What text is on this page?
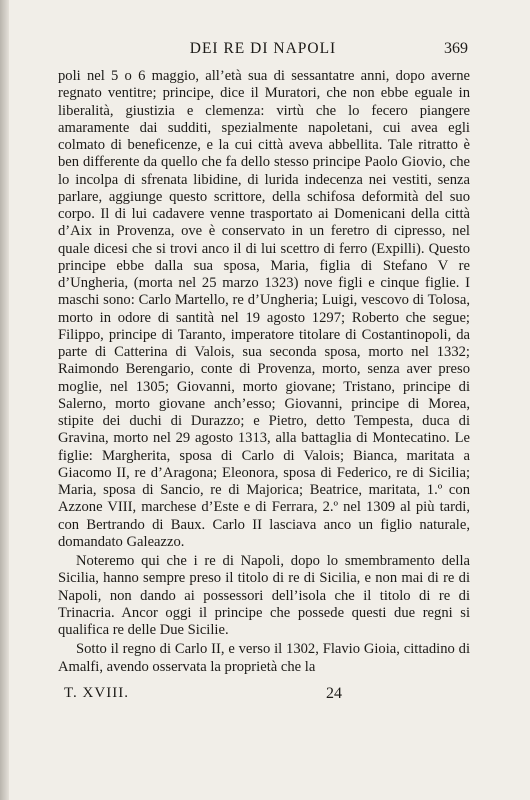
DEI RE DI NAPOLI	369

poli nel 5 o 6 maggio, all’età sua di sessantatre anni, dopo averne regnato ventitre; principe, dice il Muratori, che non ebbe eguale in liberalità, giustizia e clemenza: virtù che lo fecero piangere amaramente dai sudditi, spezialmente napoletani, cui avea egli colmato di beneficenze, e la cui città aveva abbellita. Tale ritratto è ben differente da quello che fa dello stesso principe Paolo Giovio, che lo incolpa di sfrenata libidine, di lurida indecenza nei vestiti, senza parlare, aggiunge questo scrittore, della schifosa deformità del suo corpo. Il di lui cadavere venne trasportato ai Domenicani della città d’Aix in Provenza, ove è conservato in un feretro di cipresso, nel quale dicesi che si trovi anco il di lui scettro di ferro (Expilli). Questo principe ebbe dalla sua sposa, Maria, figlia di Stefano V re d’Ungheria, (morta nel 25 marzo 1323) nove figli e cinque figlie. I maschi sono: Carlo Martello, re d’Ungheria; Luigi, vescovo di Tolosa, morto in odore di santità nel 19 agosto 1297; Roberto che segue; Filippo, principe di Taranto, imperatore titolare di Costantinopoli, da parte di Catterina di Valois, sua seconda sposa, morto nel 1332; Raimondo Berengario, conte di Provenza, morto, senza aver preso moglie, nel 1305; Giovanni, morto giovane; Tristano, principe di Salerno, morto giovane anch’esso; Giovanni, principe di Morea, stipite dei duchi di Durazzo; e Pietro, detto Tempesta, duca di Gravina, morto nel 29 agosto 1313, alla battaglia di Montecatino. Le figlie: Margherita, sposa di Carlo di Valois; Bianca, maritata a Giacomo II, re d’Aragona; Eleonora, sposa di Federico, re di Sicilia; Maria, sposa di Sancio, re di Majorica; Beatrice, maritata, 1.º con Azzone VIII, marchese d’Este e di Ferrara, 2.º nel 1309 al più tardi, con Bertrando di Baux. Carlo II lasciava anco un figlio naturale, domandato Galeazzo.

Noteremo qui che i re di Napoli, dopo lo smembramento della Sicilia, hanno sempre preso il titolo di re di Sicilia, e non mai di re di Napoli, non dando ai possessori dell’isola che il titolo di re di Trinacria. Ancor oggi il principe che possede questi due regni si qualifica re delle Due Sicilie.

Sotto il regno di Carlo II, e verso il 1302, Flavio Gioia, cittadino di Amalfi, avendo osservata la proprietà che la

T. XVIII.	24
